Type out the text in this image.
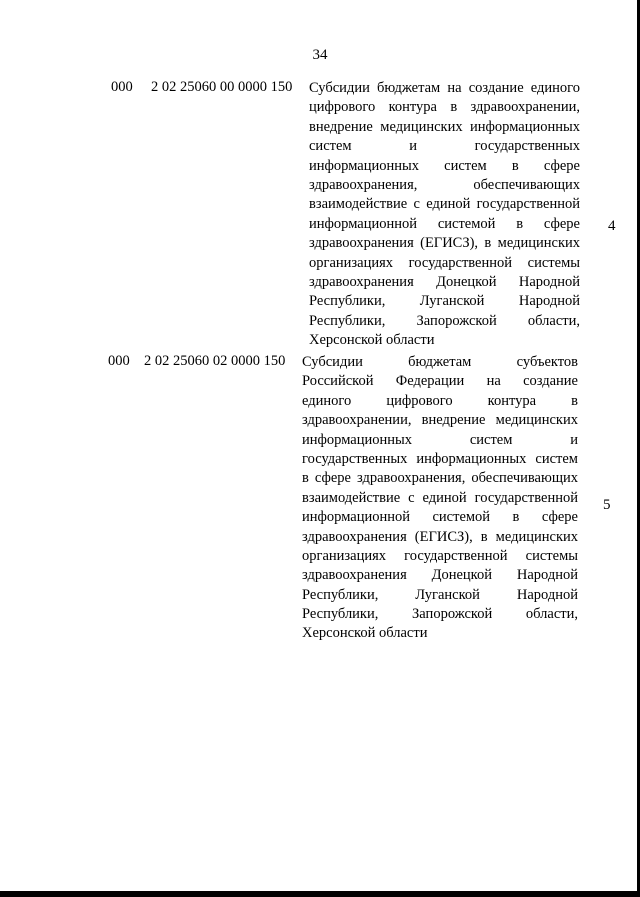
34
000 2 02 25060 00 0000 150 Субсидии бюджетам на создание единого
цифрового контура в здравоохранении,
внедрение медицинских информационных
систем и государственных
информационных систем в сфере
здравоохранения, обеспечивающих
взаимодействие с единой государственной
информационной системой в сфере
здравоохранения (ЕГИСЗ), в медицинских
организациях государственной системы
здравоохранения Донецкой Народной
Республики, Луганской Народной
Республики, Запорожской области,
Херсонской области
4
000 2 02 25060 02 0000 150 Субсидии бюджетам субъектов
Российской Федерации на создание
единого цифрового контура в
здравоохранении, внедрение медицинских
информационных систем и
государственных информационных систем
в сфере здравоохранения, обеспечивающих
взаимодействие с единой государственной
информационной системой в сфере
здравоохранения (ЕГИСЗ), в медицинских
организациях государственной системы
здравоохранения Донецкой Народной
Республики, Луганской Народной
Республики, Запорожской области,
Херсонской области
5
